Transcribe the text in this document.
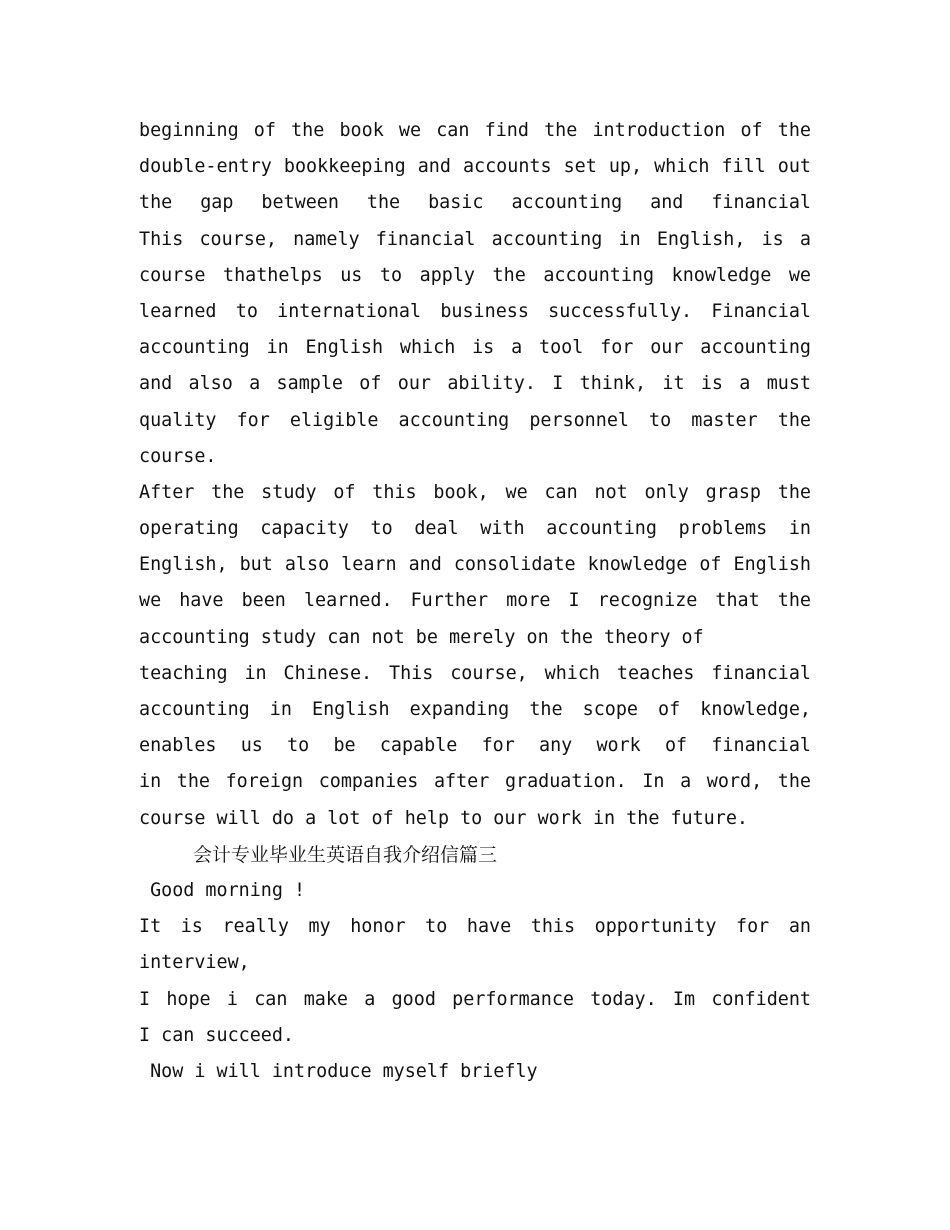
beginning of the book we can find the introduction of the
double-entry bookkeeping and accounts set up, which fill out
the gap between the basic accounting and financial
This course, namely financial accounting in English, is a
course thathelps us to apply the accounting knowledge we
learned to international business successfully. Financial
accounting in English which is a tool for our accounting
and also a sample of our ability. I think, it is a must
quality for eligible accounting personnel to master the
course.
After the study of this book, we can not only grasp the
operating capacity to deal with accounting problems in
English, but also learn and consolidate knowledge of English
we have been learned. Further more I recognize that the
accounting study can not be merely on the theory of
teaching in Chinese. This course, which teaches financial
accounting in English expanding the scope of knowledge,
enables us to be capable for any work of financial
in the foreign companies after graduation. In a word, the
course will do a lot of help to our work in the future.
会计专业毕业生英语自我介绍信篇三
Good morning !
It is really my honor to have this opportunity for an
interview,
I hope i can make a good performance today. Im confident
I can succeed.
Now i will introduce myself briefly
